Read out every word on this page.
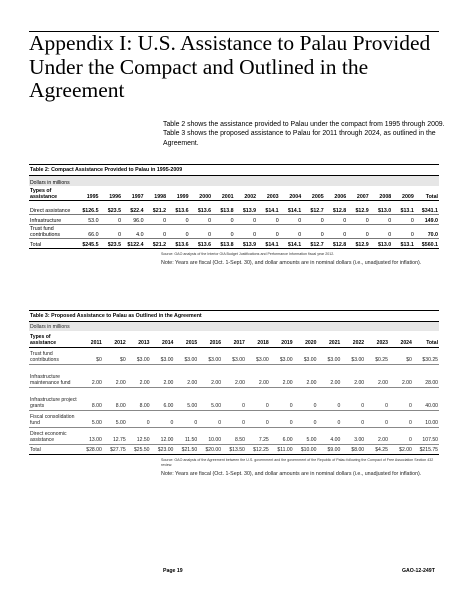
Appendix I: U.S. Assistance to Palau Provided Under the Compact and Outlined in the Agreement

Table 2 shows the assistance provided to Palau under the compact from 1995 through 2009. Table 3 shows the proposed assistance to Palau for 2011 through 2024, as outlined in the Agreement.

Table 2: Compact Assistance Provided to Palau in 1995-2009
Dollars in millions																
Types of assistance	1995	1996	1997	1998	1999	2000	2001	2002	2003	2004	2005	2006	2007	2008	2009	Total
Direct assistance	$126.5	$23.5	$22.4	$21.2	$13.6	$13.6	$13.8	$13.9	$14.1	$14.1	$12.7	$12.8	$12.9	$13.0	$13.1	$341.1
Infrastructure	53.0	0	96.0	0	0	0	0	0	0	0	0	0	0	0	0	149.0
Trust fund contributions	66.0	0	4.0	0	0	0	0	0	0	0	0	0	0	0	0	70.0
Total	$245.5	$23.5	$122.4	$21.2	$13.6	$13.6	$13.8	$13.9	$14.1	$14.1	$12.7	$12.8	$12.9	$13.0	$13.1	$560.1
Source: GAO analysis of the Interior OIA Budget Justifications and Performance Information fiscal year 2012.
Note: Years are fiscal (Oct. 1-Sept. 30), and dollar amounts are in nominal dollars (i.e., unadjusted for inflation).
Table 3: Proposed Assistance to Palau as Outlined in the Agreement
Dollars in millions															
Types of assistance	2011	2012	2013	2014	2015	2016	2017	2018	2019	2020	2021	2022	2023	2024	Total
Trust fund contributions	$0	$0	$3.00	$3.00	$3.00	$3.00	$3.00	$3.00	$3.00	$3.00	$3.00	$3.00	$0.25	$0	$30.25
Infrastructure maintenance fund	2.00	2.00	2.00	2.00	2.00	2.00	2.00	2.00	2.00	2.00	2.00	2.00	2.00	2.00	28.00
Infrastructure project grants	8.00	8.00	8.00	6.00	5.00	5.00	0	0	0	0	0	0	0	0	40.00
Fiscal consolidation fund	5.00	5.00	0	0	0	0	0	0	0	0	0	0	0	0	10.00
Direct economic assistance	13.00	12.75	12.50	12.00	11.50	10.00	8.50	7.25	6.00	5.00	4.00	3.00	2.00	0	107.50
Total	$28.00	$27.75	$25.50	$23.00	$21.50	$20.00	$13.50	$12.25	$11.00	$10.00	$9.00	$8.00	$4.25	$2.00	$215.75
Source: GAO analysis of the Agreement between the U.S. government and the government of the Republic of Palau following the Compact of Free Association Section 432 review.
Note: Years are fiscal (Oct. 1-Sept. 30), and dollar amounts are in nominal dollars (i.e., unadjusted for inflation).
Page 19	GAO-12-249T
